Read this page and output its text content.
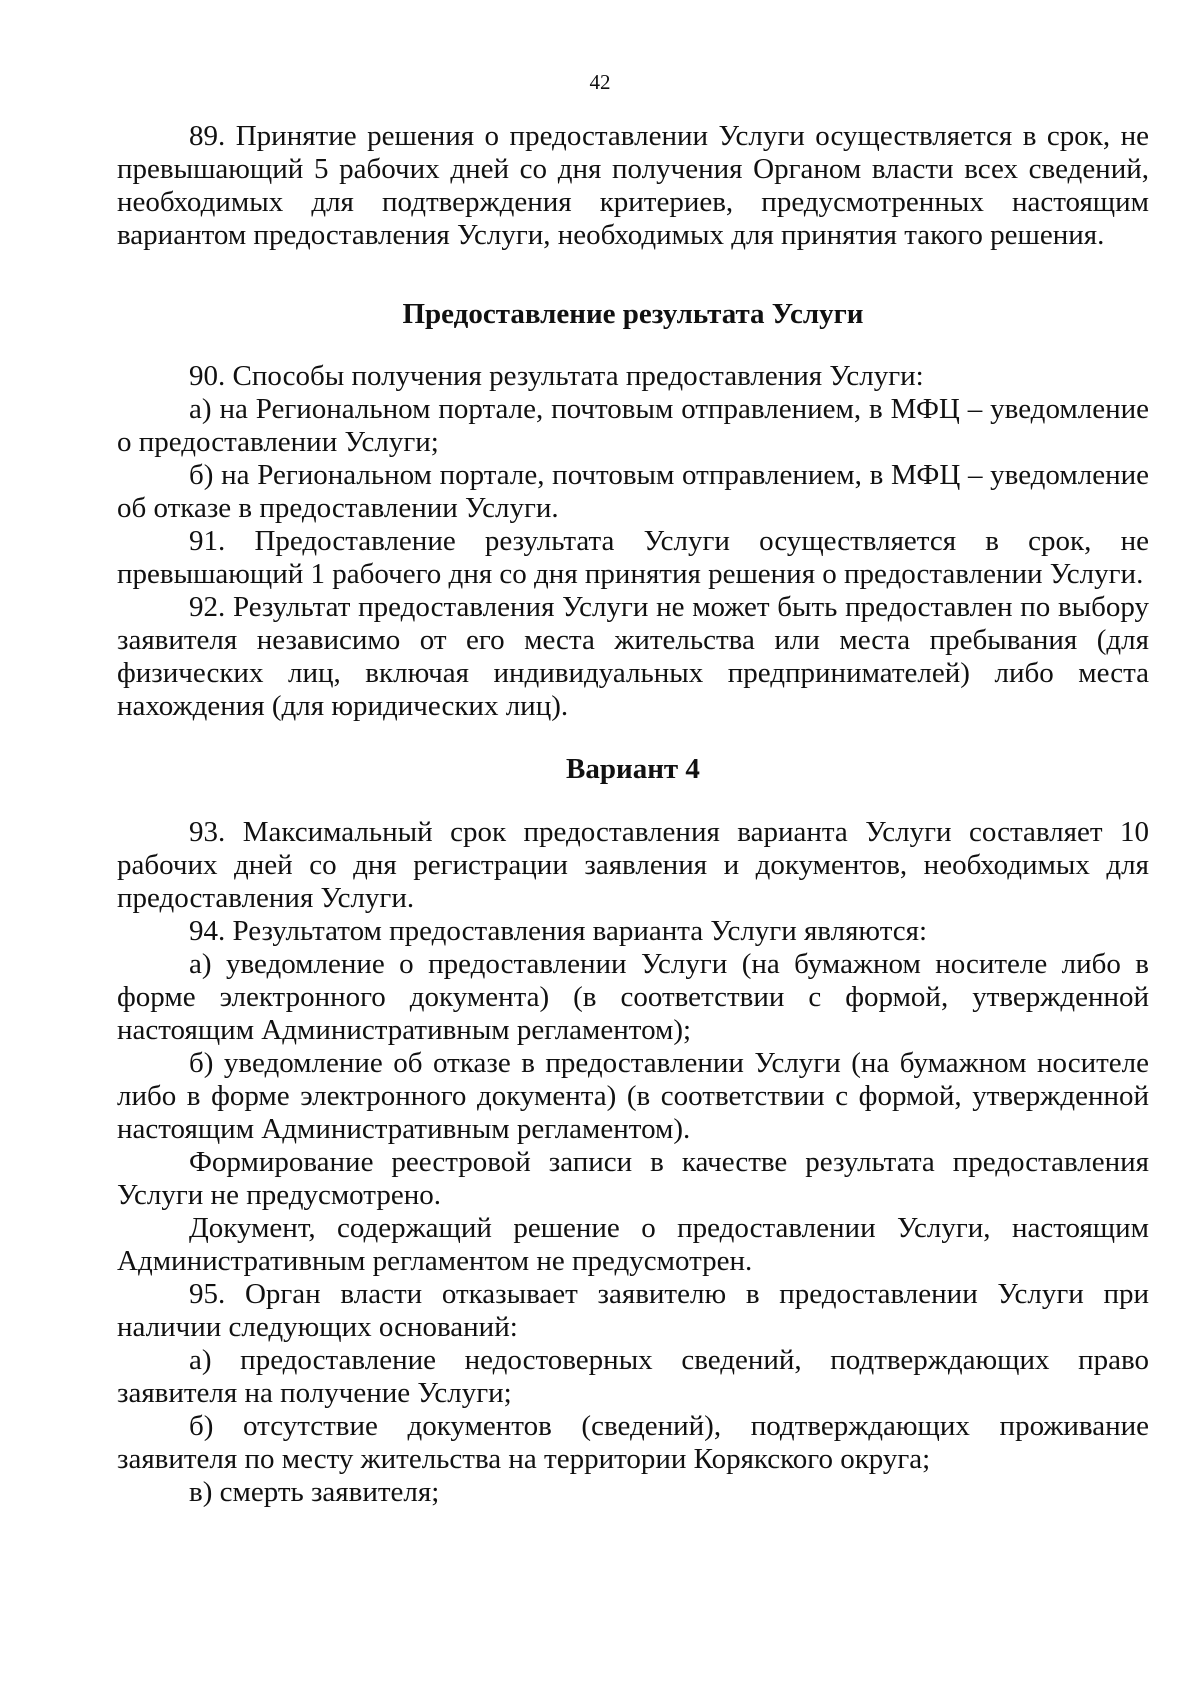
42

89. Принятие решения о предоставлении Услуги осуществляется в срок, не превышающий 5 рабочих дней со дня получения Органом власти всех сведений, необходимых для подтверждения критериев, предусмотренных настоящим вариантом предоставления Услуги, необходимых для принятия такого решения.

Предоставление результата Услуги

90. Способы получения результата предоставления Услуги:

а) на Региональном портале, почтовым отправлением, в МФЦ – уведомление о предоставлении Услуги;

б) на Региональном портале, почтовым отправлением, в МФЦ – уведомление об отказе в предоставлении Услуги.

91. Предоставление результата Услуги осуществляется в срок, не превышающий 1 рабочего дня со дня принятия решения о предоставлении Услуги.

92. Результат предоставления Услуги не может быть предоставлен по выбору заявителя независимо от его места жительства или места пребывания (для физических лиц, включая индивидуальных предпринимателей) либо места нахождения (для юридических лиц).

Вариант 4

93. Максимальный срок предоставления варианта Услуги составляет 10 рабочих дней со дня регистрации заявления и документов, необходимых для предоставления Услуги.

94. Результатом предоставления варианта Услуги являются:

а) уведомление о предоставлении Услуги (на бумажном носителе либо в форме электронного документа) (в соответствии с формой, утвержденной настоящим Административным регламентом);

б) уведомление об отказе в предоставлении Услуги (на бумажном носителе либо в форме электронного документа) (в соответствии с формой, утвержденной настоящим Административным регламентом).

Формирование реестровой записи в качестве результата предоставления Услуги не предусмотрено.

Документ, содержащий решение о предоставлении Услуги, настоящим Административным регламентом не предусмотрен.

95. Орган власти отказывает заявителю в предоставлении Услуги при наличии следующих оснований:

а) предоставление недостоверных сведений, подтверждающих право заявителя на получение Услуги;

б) отсутствие документов (сведений), подтверждающих проживание заявителя по месту жительства на территории Корякского округа;

в) смерть заявителя;
